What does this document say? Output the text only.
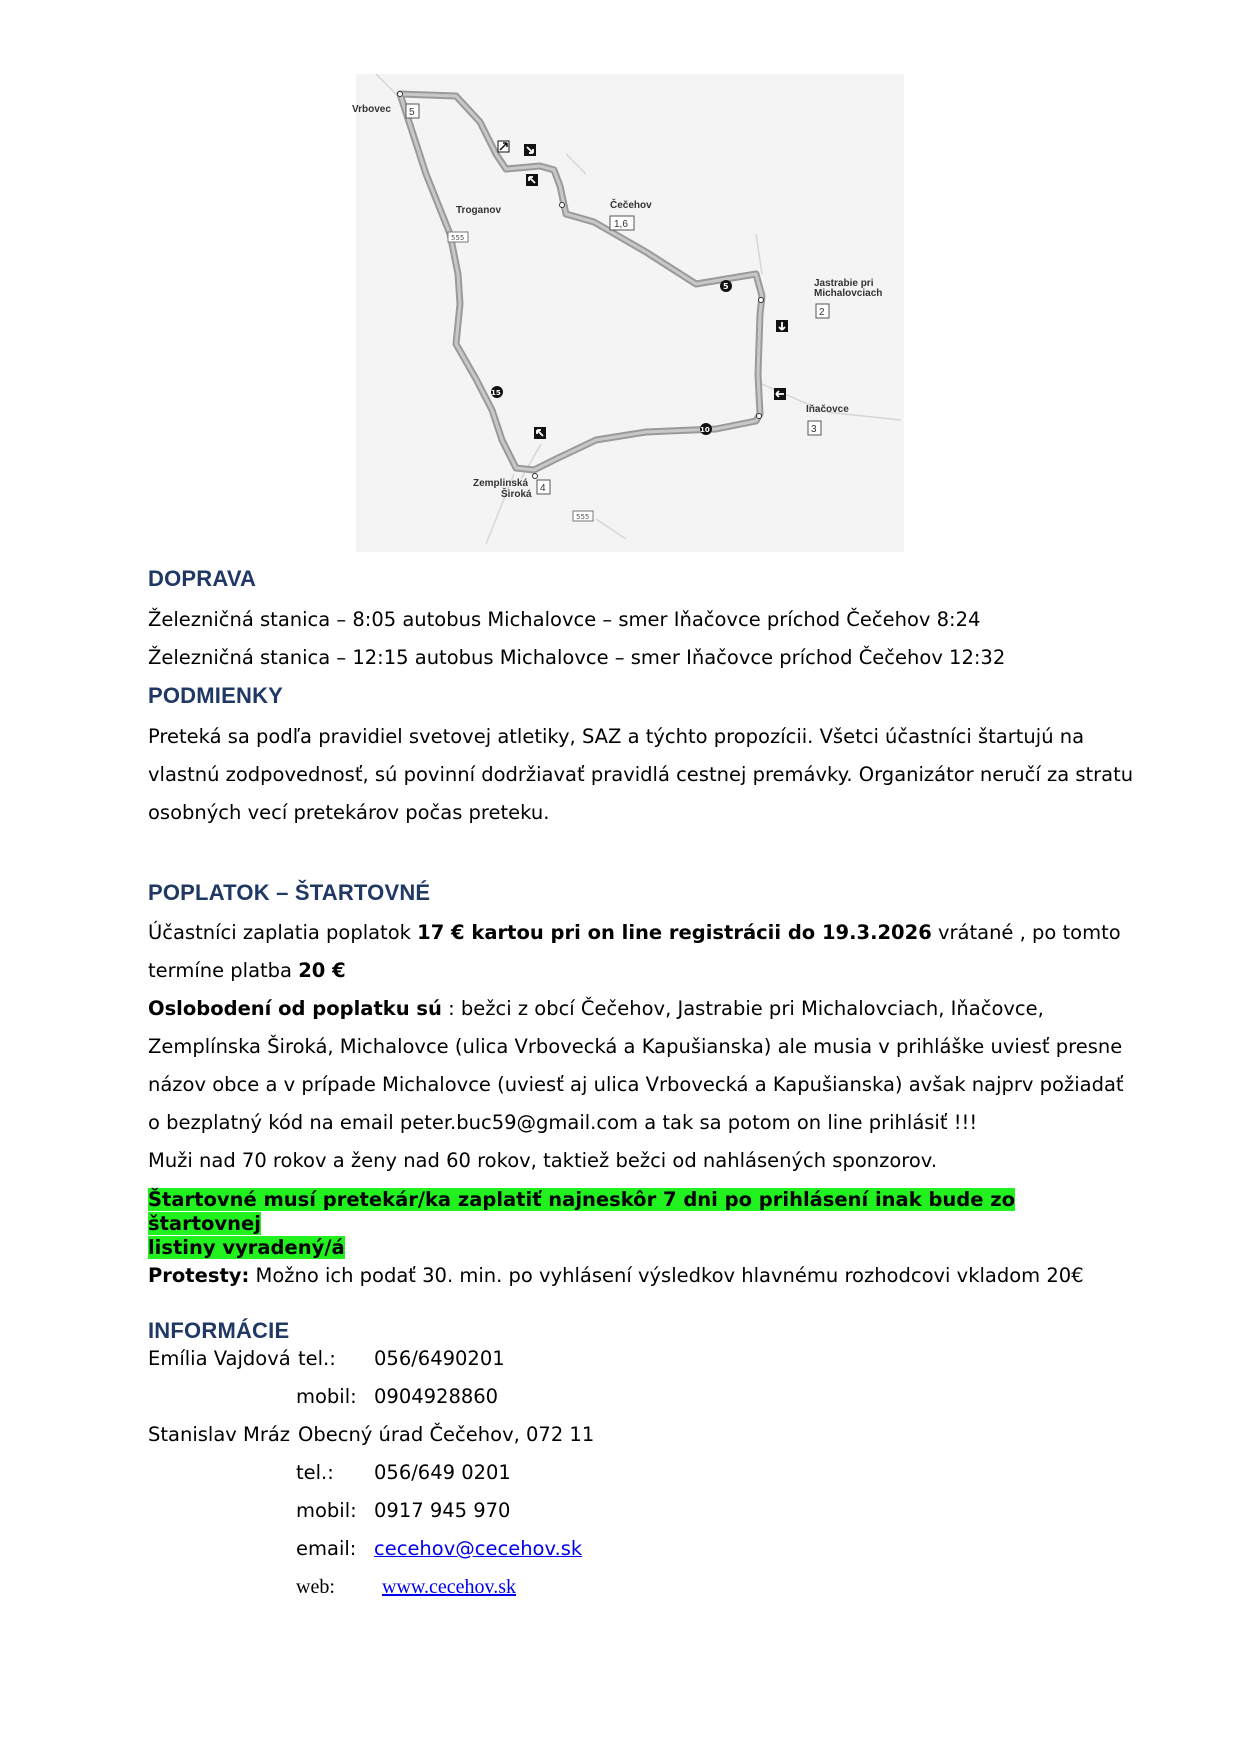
Vrbovec
Troganov	Čečehov
Jastrabie pri
Michalovciach
Iňačovce
Zemplinská
Široká
5
1,6
2
3
4
555
555
5
10
15
DOPRAVA
Železničná stanica – 8:05 autobus Michalovce – smer Iňačovce príchod Čečehov 8:24
Železničná stanica – 12:15 autobus Michalovce – smer Iňačovce príchod Čečehov 12:32
PODMIENKY
Preteká sa podľa pravidiel svetovej atletiky, SAZ a týchto propozícii. Všetci účastníci štartujú na
vlastnú zodpovednosť, sú povinní dodržiavať pravidlá cestnej premávky. Organizátor neručí za stratu
osobných vecí pretekárov počas preteku.
POPLATOK – ŠTARTOVNÉ
Účastníci zaplatia poplatok 17 € kartou pri on line registrácii do 19.3.2026 vrátané , po tomto
termíne platba 20 €
Oslobodení od poplatku sú : bežci z obcí Čečehov, Jastrabie pri Michalovciach, Iňačovce,
Zemplínska Široká, Michalovce (ulica Vrbovecká a Kapušianska) ale musia v prihláške uviesť presne
názov obce a v prípade Michalovce (uviesť aj ulica Vrbovecká a Kapušianska) avšak najprv požiadať
o bezplatný kód na email peter.buc59@gmail.com a tak sa potom on line prihlásiť !!!
Muži nad 70 rokov a ženy nad 60 rokov, taktiež bežci od nahlásených sponzorov.
Štartovné musí pretekár/ka zaplatiť najneskôr 7 dni po prihlásení inak bude zo štartovnej
listiny vyradený/á
Protesty: Možno ich podať 30. min. po vyhlásení výsledkov hlavnému rozhodcovi vkladom 20€
INFORMÁCIE
Emília Vajdová tel.: 056/6490201
mobil: 0904928860
Stanislav Mráz Obecný úrad Čečehov, 072 11
tel.: 056/649 0201
mobil: 0917 945 970
email: cecehov@cecehov.sk
web: www.cecehov.sk
